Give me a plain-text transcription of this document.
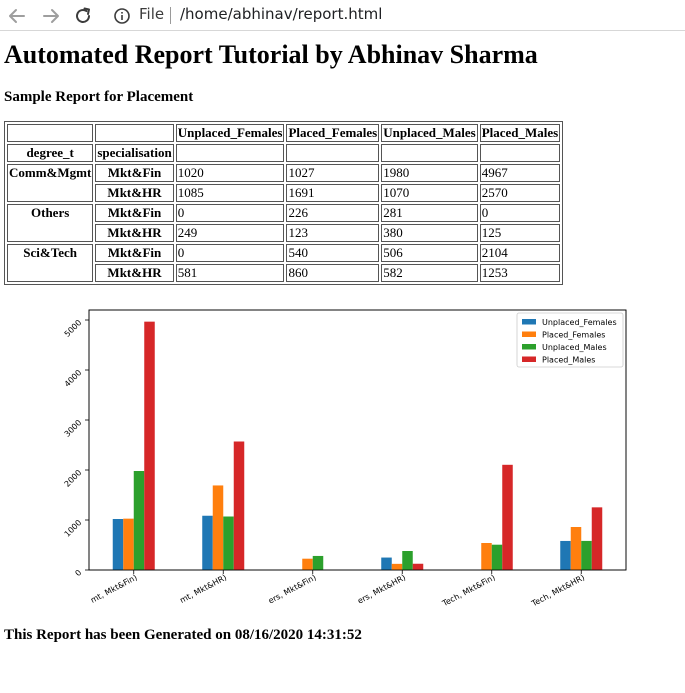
File /home/abhinav/report.html
Automated Report Tutorial by Abhinav Sharma
Sample Report for Placement
		Unplaced_Females	Placed_Females	Unplaced_Males	Placed_Males
degree_t	specialisation				
Comm&Mgmt	Mkt&Fin	1020	1027	1980	4967
	Mkt&HR	1085	1691	1070	2570
Others	Mkt&Fin	0	226	281	0
	Mkt&HR	249	123	380	125
Sci&Tech	Mkt&Fin	0	540	506	2104
	Mkt&HR	581	860	582	1253
0
1000
2000
3000
4000
5000
mt, Mkt&Fin)	mt, Mkt&HR)	ers, Mkt&Fin)	ers, Mkt&HR)	Tech, Mkt&Fin)	Tech, Mkt&HR)
Unplaced_Females
Placed_Females
Unplaced_Males
Placed_Males
This Report has been Generated on 08/16/2020 14:31:52
